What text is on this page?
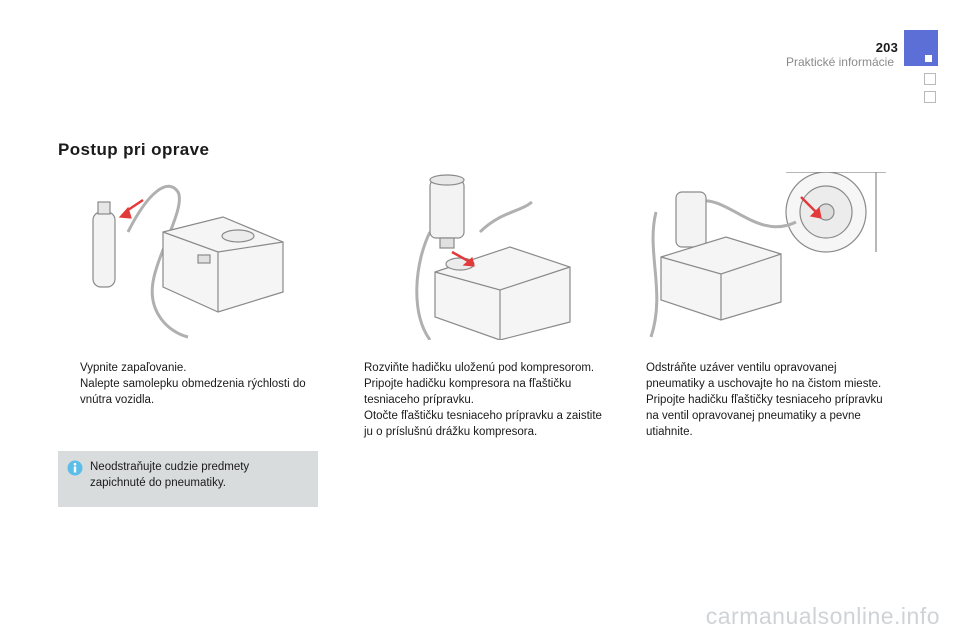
203
Praktické informácie
Postup pri oprave
Vypnite zapaľovanie.
Nalepte samolepku obmedzenia rýchlosti do vnútra vozidla.
Rozviňte hadičku uloženú pod kompresorom.
Pripojte hadičku kompresora na fľaštičku tesniaceho prípravku.
Otočte fľaštičku tesniaceho prípravku a zaistite ju o príslušnú drážku kompresora.
Odstráňte uzáver ventilu opravovanej pneumatiky a uschovajte ho na čistom mieste.
Pripojte hadičku fľaštičky tesniaceho prípravku na ventil opravovanej pneumatiky a pevne utiahnite.
Neodstraňujte cudzie predmety
zapichnuté do pneumatiky.
carmanualsonline.info
